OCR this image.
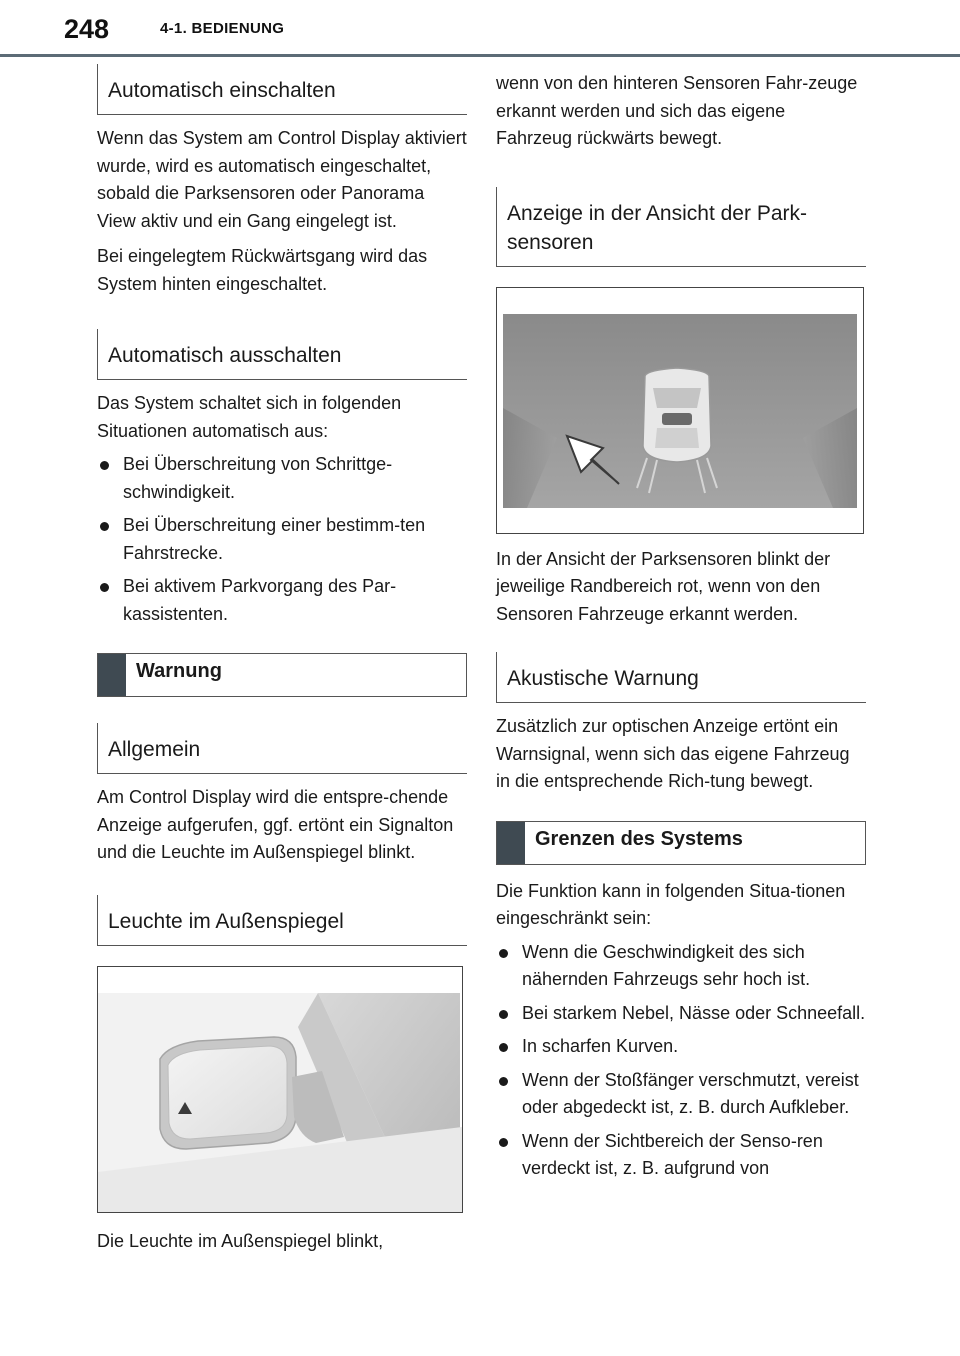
248	4-1. BEDIENUNG
Automatisch einschalten

Wenn das System am Control Display aktiviert wurde, wird es automatisch eingeschaltet, sobald die Parksensoren oder Panorama View aktiv und ein Gang eingelegt ist.

Bei eingelegtem Rückwärtsgang wird das System hinten eingeschaltet.

Automatisch ausschalten

Das System schaltet sich in folgenden Situationen automatisch aus:

Bei Überschreitung von Schrittge-schwindigkeit.
Bei Überschreitung einer bestimm-ten Fahrstrecke.
Bei aktivem Parkvorgang des Par-kassistenten.
Warnung
Allgemein

Am Control Display wird die entspre-chende Anzeige aufgerufen, ggf. ertönt ein Signalton und die Leuchte im Außenspiegel blinkt.

Leuchte im Außenspiegel

Die Leuchte im Außenspiegel blinkt,

wenn von den hinteren Sensoren Fahr-zeuge erkannt werden und sich das eigene Fahrzeug rückwärts bewegt.

Anzeige in der Ansicht der Park-sensoren

In der Ansicht der Parksensoren blinkt der jeweilige Randbereich rot, wenn von den Sensoren Fahrzeuge erkannt werden.

Akustische Warnung

Zusätzlich zur optischen Anzeige ertönt ein Warnsignal, wenn sich das eigene Fahrzeug in die entsprechende Rich-tung bewegt.

Grenzen des Systems

Die Funktion kann in folgenden Situa-tionen eingeschränkt sein:

Wenn die Geschwindigkeit des sich nähernden Fahrzeugs sehr hoch ist.
Bei starkem Nebel, Nässe oder Schneefall.
In scharfen Kurven.
Wenn der Stoßfänger verschmutzt, vereist oder abgedeckt ist, z. B. durch Aufkleber.
Wenn der Sichtbereich der Senso-ren verdeckt ist, z. B. aufgrund von
